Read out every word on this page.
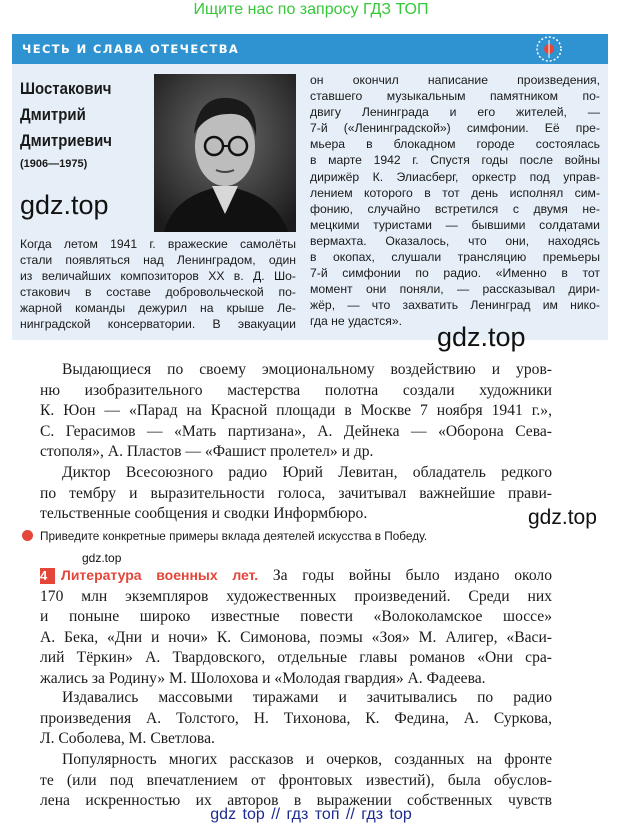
Ищите нас по запросу ГДЗ ТОП
ЧЕСТЬ И СЛАВА ОТЕЧЕСТВА
Шостакович
Дмитрий
Дмитриевич
(1906—1975)
gdz.top
Когда летом 1941 г. вражеские самолёты
стали появляться над Ленинградом, один
из величайших композиторов XX в. Д. Шо-
стакович в составе добровольческой по-
жарной команды дежурил на крыше Ле-
нинградской консерватории. В эвакуации
он окончил написание произведения,
ставшего музыкальным памятником по-
двигу Ленинграда и его жителей, —
7-й («Ленинградской») симфонии. Её пре-
мьера в блокадном городе состоялась
в марте 1942 г. Спустя годы после войны
дирижёр К. Элиасберг, оркестр под управ-
лением которого в тот день исполнял сим-
фонию, случайно встретился с двумя не-
мецкими туристами — бывшими солдатами
вермахта. Оказалось, что они, находясь
в окопах, слушали трансляцию премьеры
7-й симфонии по радио. «Именно в тот
момент они поняли, — рассказывал дири-
жёр, — что захватить Ленинград им нико-
гда не удастся».
gdz.top
Выдающиеся по своему эмоциональному воздействию и уров-
ню изобразительного мастерства полотна создали художники
К. Юон — «Парад на Красной площади в Москве 7 ноября 1941 г.»,
С. Герасимов — «Мать партизана», А. Дейнека — «Оборона Сева-
стополя», А. Пластов — «Фашист пролетел» и др.
Диктор Всесоюзного радио Юрий Левитан, обладатель редкого
по тембру и выразительности голоса, зачитывал важнейшие прави-
тельственные сообщения и сводки Информбюро.	gdz.top
Приведите конкретные примеры вклада деятелей искусства в Победу.
gdz.top
4 Литература военных лет. За годы войны было издано около
170 млн экземпляров художественных произведений. Среди них
и поныне широко известные повести «Волоколамское шоссе»
А. Бека, «Дни и ночи» К. Симонова, поэмы «Зоя» М. Алигер, «Васи-
лий Тёркин» А. Твардовского, отдельные главы романов «Они сра-
жались за Родину» М. Шолохова и «Молодая гвардия» А. Фадеева.
Издавались массовыми тиражами и зачитывались по радио
произведения А. Толстого, Н. Тихонова, К. Федина, А. Суркова,
Л. Соболева, М. Светлова.
Популярность многих рассказов и очерков, созданных на фронте
те (или под впечатлением от фронтовых известий), была обуслов-
лена искренностью их авторов в выражении собственных чувств
gdz top // гдз топ // гдз top
